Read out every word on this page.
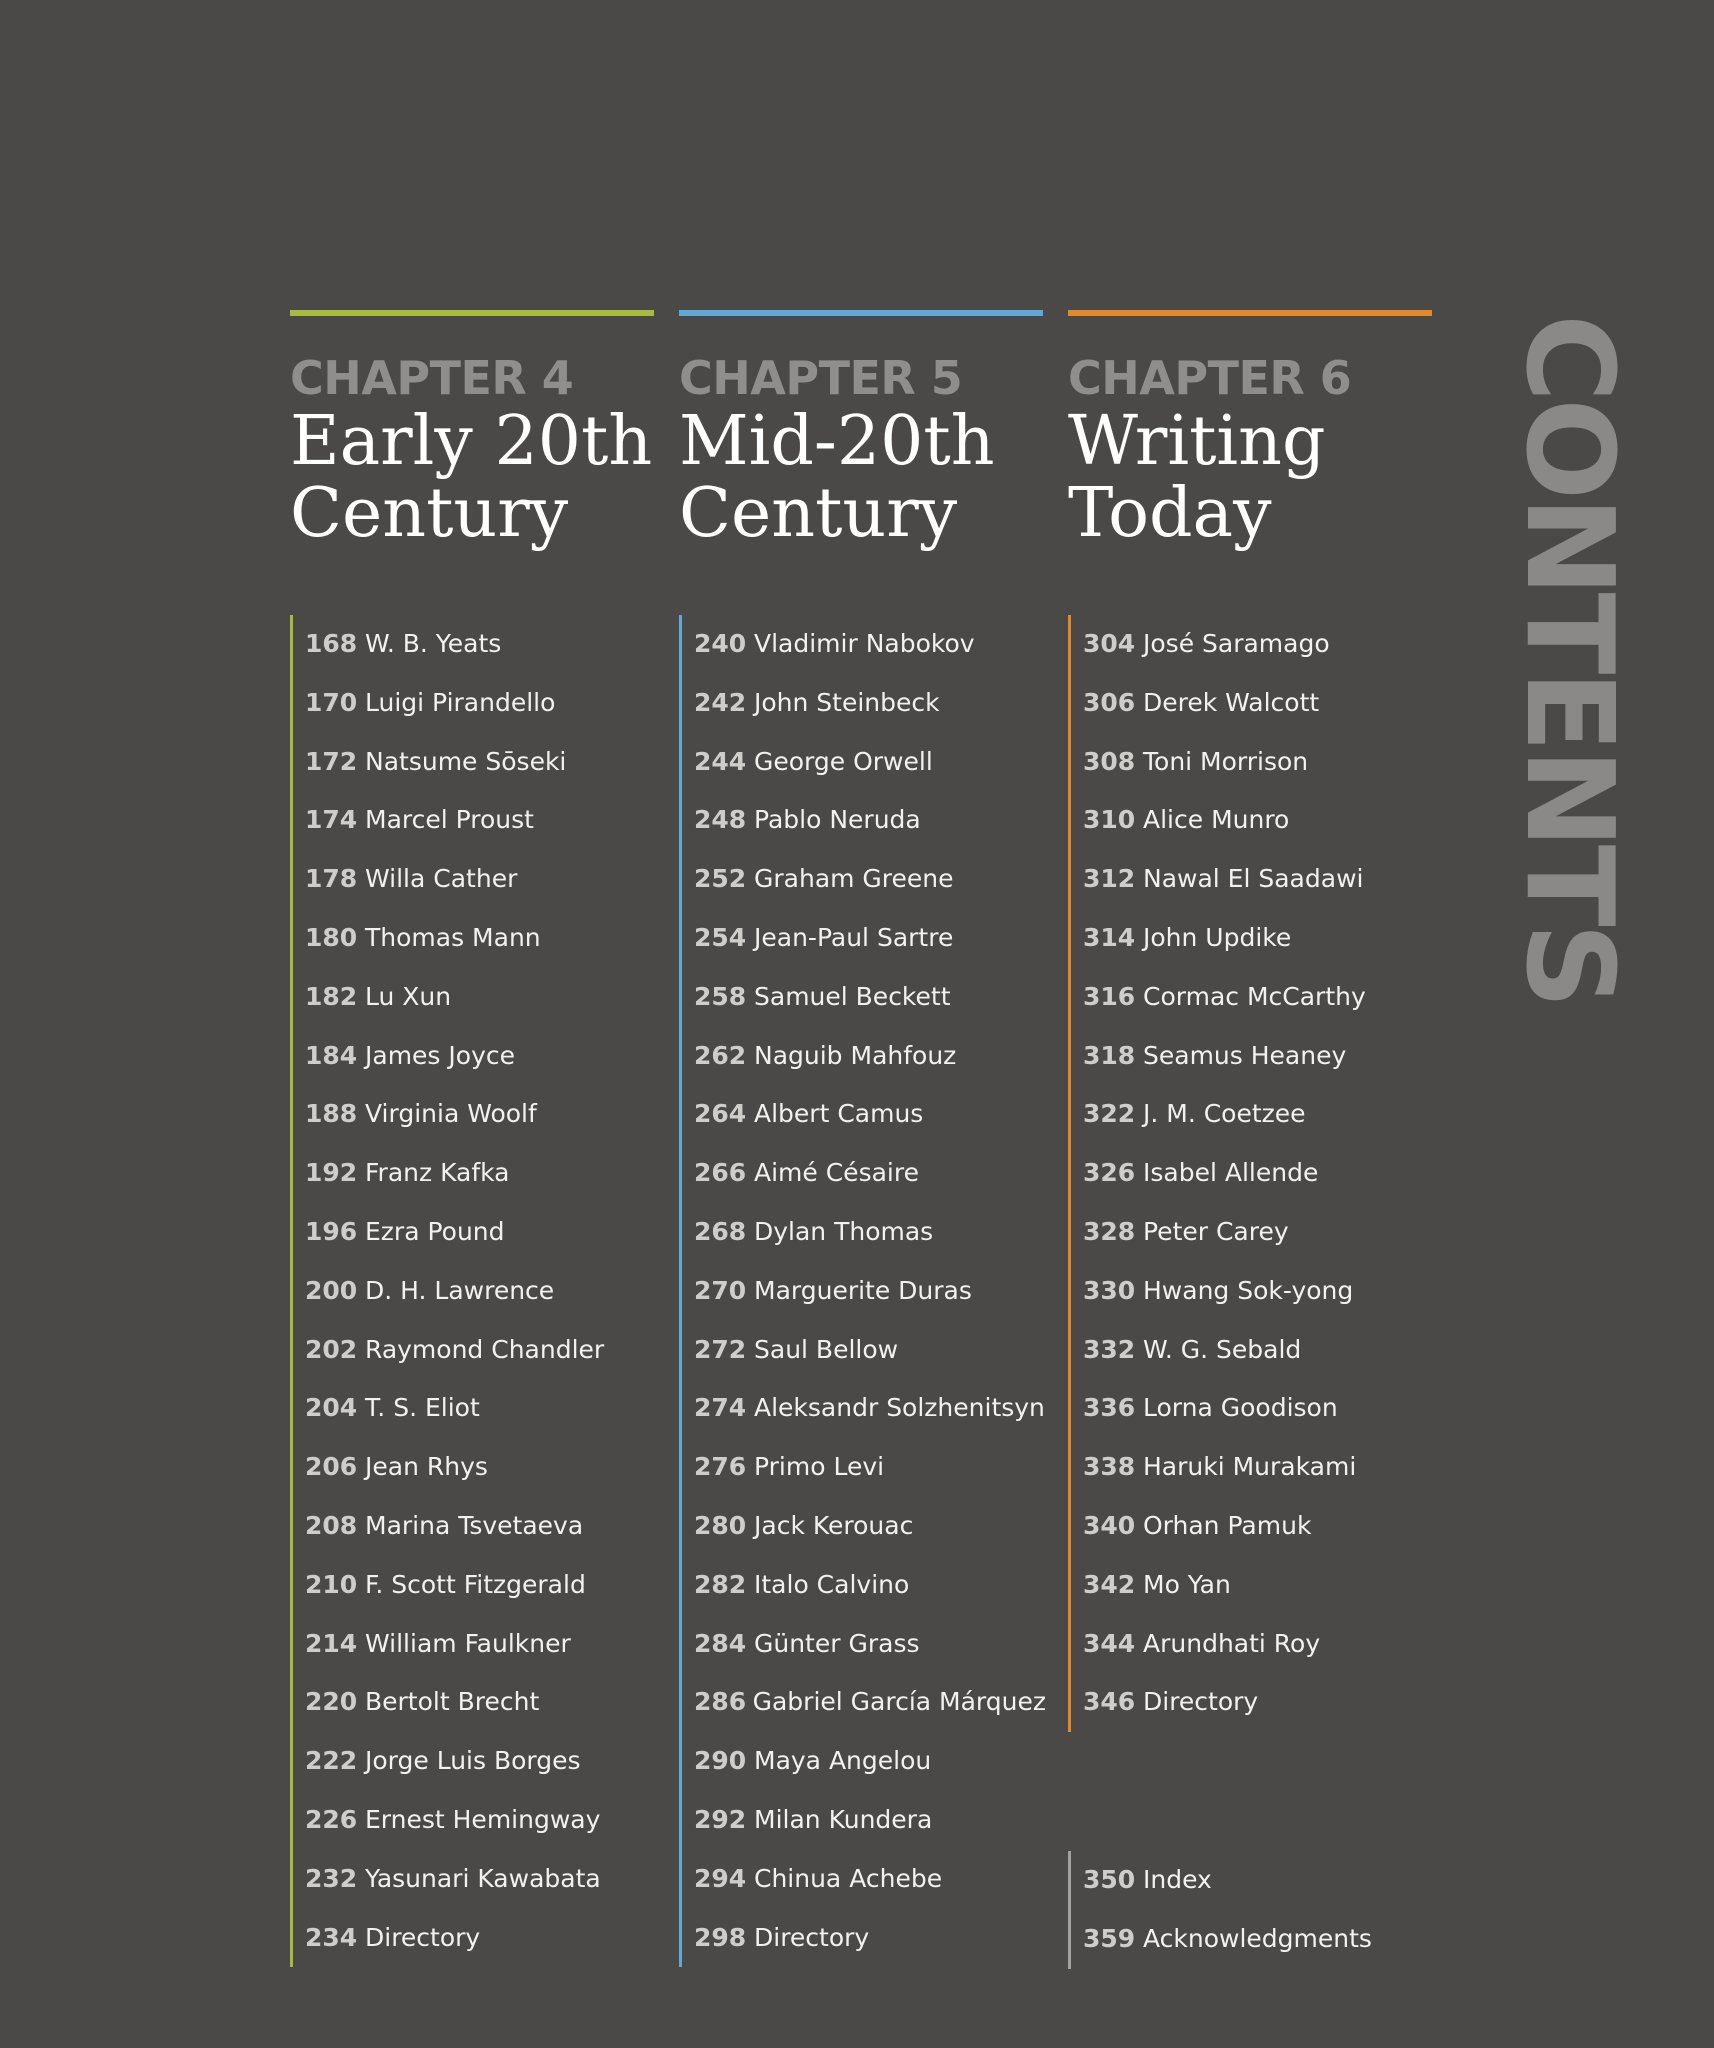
CHAPTER 4
Early 20th
Century
168 W. B. Yeats
170 Luigi Pirandello
172 Natsume Sōseki
174 Marcel Proust
178 Willa Cather
180 Thomas Mann
182 Lu Xun
184 James Joyce
188 Virginia Woolf
192 Franz Kafka
196 Ezra Pound
200 D. H. Lawrence
202 Raymond Chandler
204 T. S. Eliot
206 Jean Rhys
208 Marina Tsvetaeva
210 F. Scott Fitzgerald
214 William Faulkner
220 Bertolt Brecht
222 Jorge Luis Borges
226 Ernest Hemingway
232 Yasunari Kawabata
234 Directory
CHAPTER 5
Mid-20th
Century
240 Vladimir Nabokov
242 John Steinbeck
244 George Orwell
248 Pablo Neruda
252 Graham Greene
254 Jean-Paul Sartre
258 Samuel Beckett
262 Naguib Mahfouz
264 Albert Camus
266 Aimé Césaire
268 Dylan Thomas
270 Marguerite Duras
272 Saul Bellow
274 Aleksandr Solzhenitsyn
276 Primo Levi
280 Jack Kerouac
282 Italo Calvino
284 Günter Grass
286 Gabriel García Márquez
290 Maya Angelou
292 Milan Kundera
294 Chinua Achebe
298 Directory
CHAPTER 6
Writing
Today
304 José Saramago
306 Derek Walcott
308 Toni Morrison
310 Alice Munro
312 Nawal El Saadawi
314 John Updike
316 Cormac McCarthy
318 Seamus Heaney
322 J. M. Coetzee
326 Isabel Allende
328 Peter Carey
330 Hwang Sok-yong
332 W. G. Sebald
336 Lorna Goodison
338 Haruki Murakami
340 Orhan Pamuk
342 Mo Yan
344 Arundhati Roy
346 Directory
350 Index
359 Acknowledgments
CONTENTS
